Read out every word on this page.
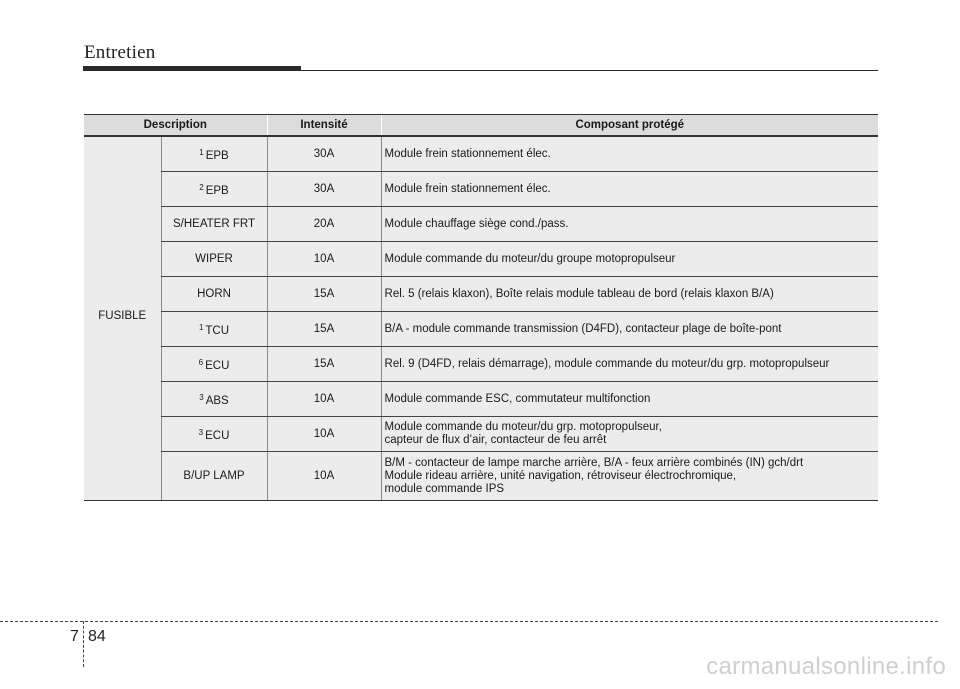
Entretien
Description		Intensité	Composant protégé
FUSIBLE	$^1$ EPB	30A	Module frein stationnement élec.

	$^2$ EPB	30A	Module frein stationnement élec.

	S/HEATER FRT	20A	Module chauffage siège cond./pass.

	WIPER	10A	Module commande du moteur/du groupe motopropulseur

	HORN	15A	Rel. 5 (relais klaxon), Boîte relais module tableau de bord (relais klaxon B/A)

	$^1$ TCU	15A	B/A - module commande transmission (D4FD), contacteur plage de boîte-pont

	$^6$ ECU	15A	Rel. 9 (D4FD, relais démarrage), module commande du moteur/du grp. motopropulseur

	$^3$ ABS	10A	Module commande ESC, commutateur multifonction

	$^3$ ECU	10A	Module commande du moteur/du grp. motopropulseur,
capteur de flux d’air, contacteur de feu arrêt

	B/UP LAMP	10A	B/M - contacteur de lampe marche arrière, B/A - feux arrière combinés (IN) gch/drt
Module rideau arrière, unité navigation, rétroviseur électrochromique,
module commande IPS
7 84
carmanualsonline.info
